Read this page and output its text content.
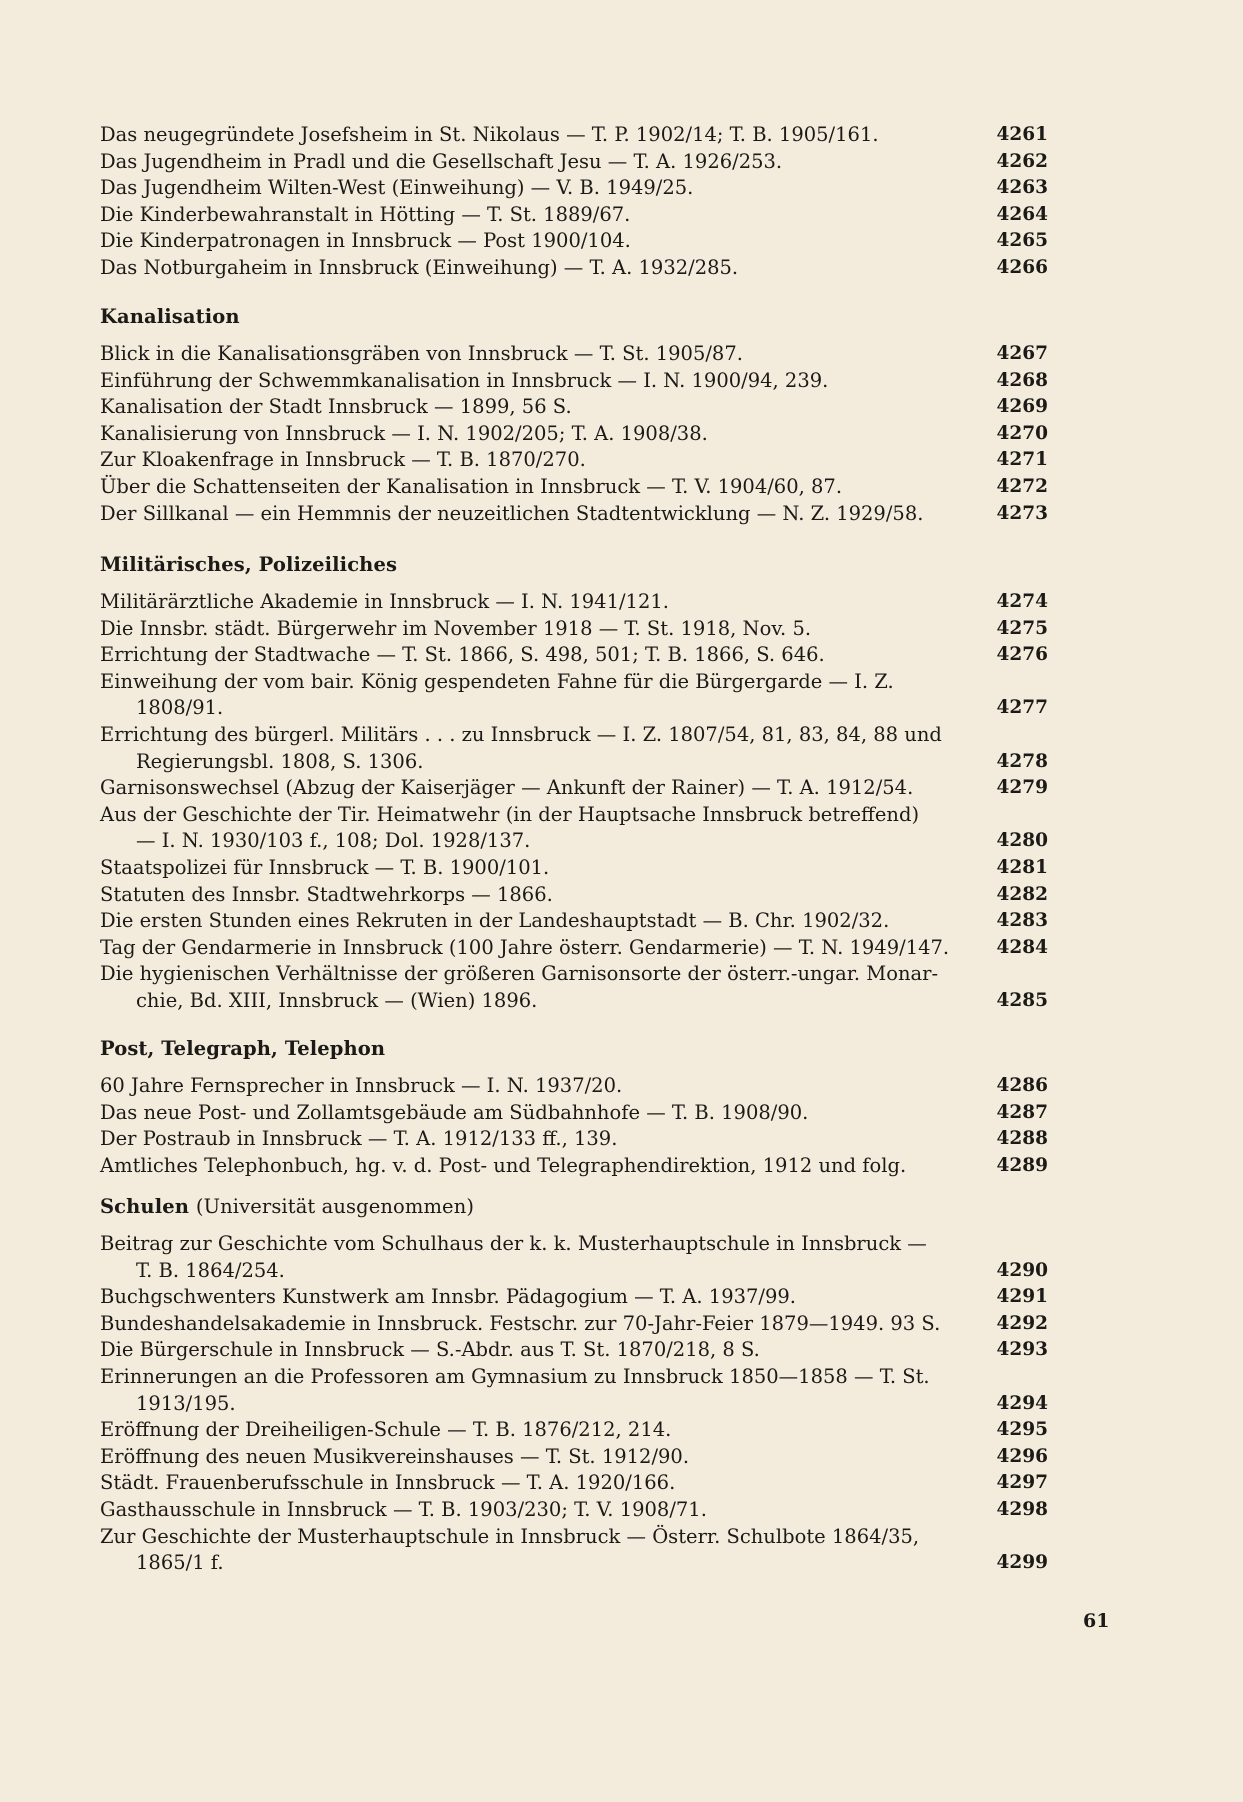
Das neugegründete Josefsheim in St. Nikolaus — T. P. 1902/14; T. B. 1905/161.	4261
Das Jugendheim in Pradl und die Gesellschaft Jesu — T. A. 1926/253.	4262
Das Jugendheim Wilten-West (Einweihung) — V. B. 1949/25.	4263
Die Kinderbewahranstalt in Hötting — T. St. 1889/67.	4264
Die Kinderpatronagen in Innsbruck — Post 1900/104.	4265
Das Notburgaheim in Innsbruck (Einweihung) — T. A. 1932/285.	4266
Kanalisation
Blick in die Kanalisationsgräben von Innsbruck — T. St. 1905/87.	4267
Einführung der Schwemmkanalisation in Innsbruck — I. N. 1900/94, 239.	4268
Kanalisation der Stadt Innsbruck — 1899, 56 S.	4269
Kanalisierung von Innsbruck — I. N. 1902/205; T. A. 1908/38.	4270
Zur Kloakenfrage in Innsbruck — T. B. 1870/270.	4271
Über die Schattenseiten der Kanalisation in Innsbruck — T. V. 1904/60, 87.	4272
Der Sillkanal — ein Hemmnis der neuzeitlichen Stadtentwicklung — N. Z. 1929/58.	4273
Militärisches, Polizeiliches
Militärärztliche Akademie in Innsbruck — I. N. 1941/121.	4274
Die Innsbr. städt. Bürgerwehr im November 1918 — T. St. 1918, Nov. 5.	4275
Errichtung der Stadtwache — T. St. 1866, S. 498, 501; T. B. 1866, S. 646.	4276
Einweihung der vom bair. König gespendeten Fahne für die Bürgergarde — I. Z.
1808/91.	4277
Errichtung des bürgerl. Militärs . . . zu Innsbruck — I. Z. 1807/54, 81, 83, 84, 88 und
Regierungsbl. 1808, S. 1306.	4278
Garnisonswechsel (Abzug der Kaiserjäger — Ankunft der Rainer) — T. A. 1912/54.	4279
Aus der Geschichte der Tir. Heimatwehr (in der Hauptsache Innsbruck betreffend)
— I. N. 1930/103 f., 108; Dol. 1928/137.	4280
Staatspolizei für Innsbruck — T. B. 1900/101.	4281
Statuten des Innsbr. Stadtwehrkorps — 1866.	4282
Die ersten Stunden eines Rekruten in der Landeshauptstadt — B. Chr. 1902/32.	4283
Tag der Gendarmerie in Innsbruck (100 Jahre österr. Gendarmerie) — T. N. 1949/147.	4284
Die hygienischen Verhältnisse der größeren Garnisonsorte der österr.-ungar. Monar-
chie, Bd. XIII, Innsbruck — (Wien) 1896.	4285
Post, Telegraph, Telephon
60 Jahre Fernsprecher in Innsbruck — I. N. 1937/20.	4286
Das neue Post- und Zollamtsgebäude am Südbahnhofe — T. B. 1908/90.	4287
Der Postraub in Innsbruck — T. A. 1912/133 ff., 139.	4288
Amtliches Telephonbuch, hg. v. d. Post- und Telegraphendirektion, 1912 und folg.	4289
Schulen (Universität ausgenommen)
Beitrag zur Geschichte vom Schulhaus der k. k. Musterhauptschule in Innsbruck —
T. B. 1864/254.	4290
Buchgschwenters Kunstwerk am Innsbr. Pädagogium — T. A. 1937/99.	4291
Bundeshandelsakademie in Innsbruck. Festschr. zur 70-Jahr-Feier 1879—1949. 93 S.	4292
Die Bürgerschule in Innsbruck — S.-Abdr. aus T. St. 1870/218, 8 S.	4293
Erinnerungen an die Professoren am Gymnasium zu Innsbruck 1850—1858 — T. St.
1913/195.	4294
Eröffnung der Dreiheiligen-Schule — T. B. 1876/212, 214.	4295
Eröffnung des neuen Musikvereinshauses — T. St. 1912/90.	4296
Städt. Frauenberufsschule in Innsbruck — T. A. 1920/166.	4297
Gasthausschule in Innsbruck — T. B. 1903/230; T. V. 1908/71.	4298
Zur Geschichte der Musterhauptschule in Innsbruck — Österr. Schulbote 1864/35,
1865/1 f.	4299
61
